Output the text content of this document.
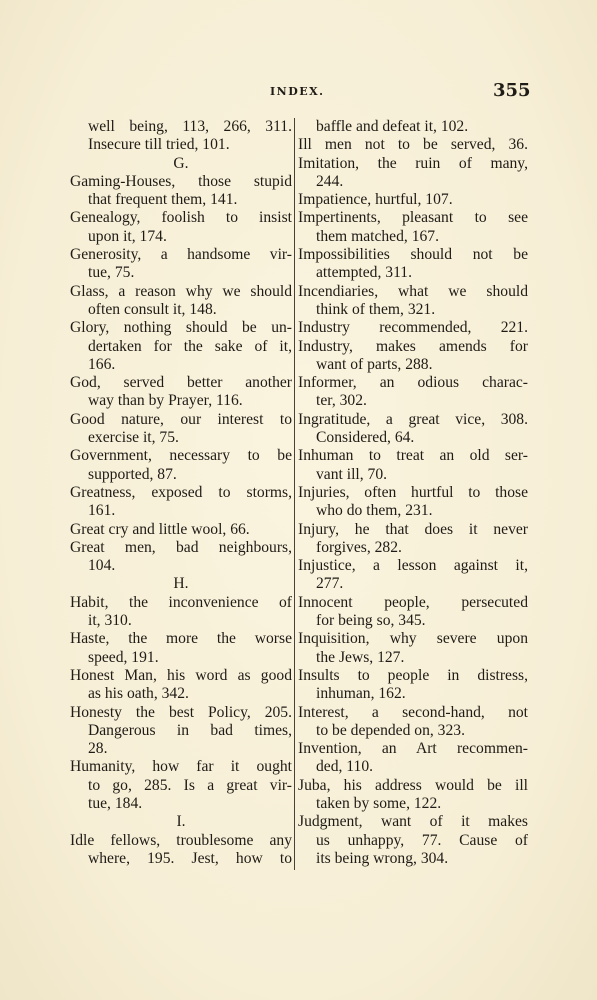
INDEX.	355
well being, 113, 266, 311.
Insecure till tried, 101.
G.
Gaming-Houses, those stupid
that frequent them, 141.
Genealogy, foolish to insist
upon it, 174.
Generosity, a handsome vir-
tue, 75.
Glass, a reason why we should
often consult it, 148.
Glory, nothing should be un-
dertaken for the sake of it,
166.
God, served better another
way than by Prayer, 116.
Good nature, our interest to
exercise it, 75.
Government, necessary to be
supported, 87.
Greatness, exposed to storms,
161.
Great cry and little wool, 66.
Great men, bad neighbours,
104.
H.
Habit, the inconvenience of
it, 310.
Haste, the more the worse
speed, 191.
Honest Man, his word as good
as his oath, 342.
Honesty the best Policy, 205.
Dangerous in bad times,
28.
Humanity, how far it ought
to go, 285. Is a great vir-
tue, 184.
I.
Idle fellows, troublesome any
where, 195. Jest, how to
baffle and defeat it, 102.
Ill men not to be served, 36.
Imitation, the ruin of many,
244.
Impatience, hurtful, 107.
Impertinents, pleasant to see
them matched, 167.
Impossibilities should not be
attempted, 311.
Incendiaries, what we should
think of them, 321.
Industry recommended, 221.
Industry, makes amends for
want of parts, 288.
Informer, an odious charac-
ter, 302.
Ingratitude, a great vice, 308.
Considered, 64.
Inhuman to treat an old ser-
vant ill, 70.
Injuries, often hurtful to those
who do them, 231.
Injury, he that does it never
forgives, 282.
Injustice, a lesson against it,
277.
Innocent people, persecuted
for being so, 345.
Inquisition, why severe upon
the Jews, 127.
Insults to people in distress,
inhuman, 162.
Interest, a second-hand, not
to be depended on, 323.
Invention, an Art recommen-
ded, 110.
Juba, his address would be ill
taken by some, 122.
Judgment, want of it makes
us unhappy, 77. Cause of
its being wrong, 304.
